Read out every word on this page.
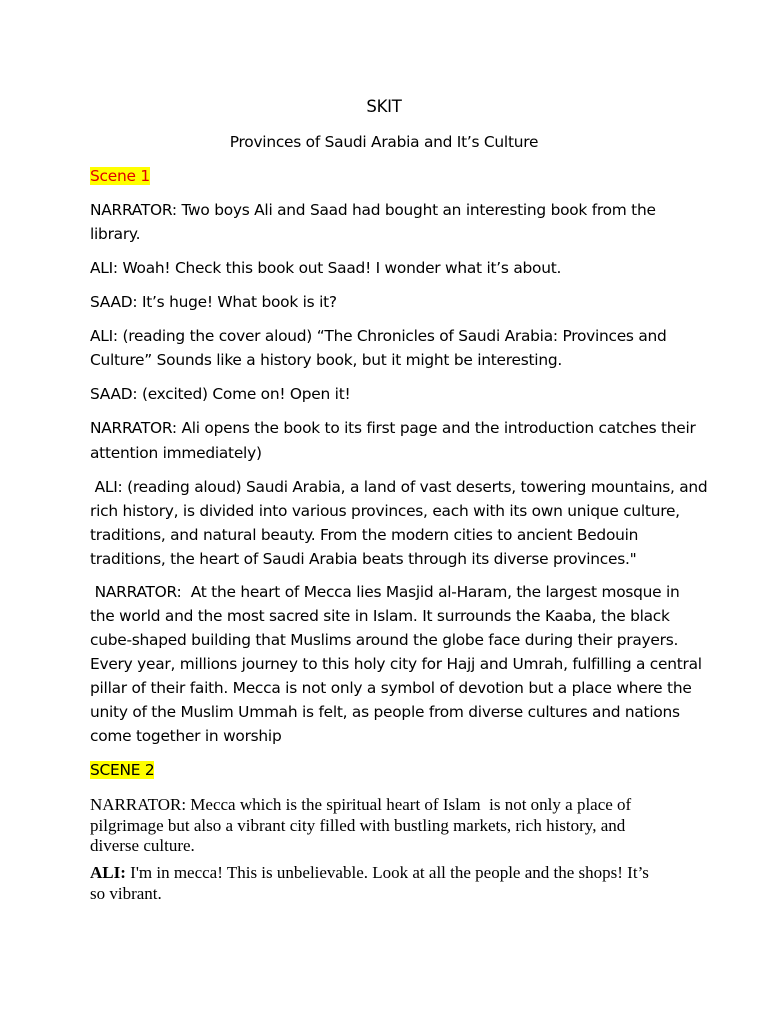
SKIT
Provinces of Saudi Arabia and It’s Culture
Scene 1
NARRATOR: Two boys Ali and Saad had bought an interesting book from the
library.
ALI: Woah! Check this book out Saad! I wonder what it’s about.
SAAD: It’s huge! What book is it?
ALI: (reading the cover aloud) “The Chronicles of Saudi Arabia: Provinces and
Culture” Sounds like a history book, but it might be interesting.
SAAD: (excited) Come on! Open it!
NARRATOR: Ali opens the book to its first page and the introduction catches their
attention immediately)
ALI: (reading aloud) Saudi Arabia, a land of vast deserts, towering mountains, and
rich history, is divided into various provinces, each with its own unique culture,
traditions, and natural beauty. From the modern cities to ancient Bedouin
traditions, the heart of Saudi Arabia beats through its diverse provinces."
NARRATOR:  At the heart of Mecca lies Masjid al-Haram, the largest mosque in
the world and the most sacred site in Islam. It surrounds the Kaaba, the black
cube-shaped building that Muslims around the globe face during their prayers.
Every year, millions journey to this holy city for Hajj and Umrah, fulfilling a central
pillar of their faith. Mecca is not only a symbol of devotion but a place where the
unity of the Muslim Ummah is felt, as people from diverse cultures and nations
come together in worship
SCENE 2
NARRATOR: Mecca which is the spiritual heart of Islam  is not only a place of
pilgrimage but also a vibrant city filled with bustling markets, rich history, and
diverse culture.
ALI: I'm in mecca! This is unbelievable. Look at all the people and the shops! It’s
so vibrant.
